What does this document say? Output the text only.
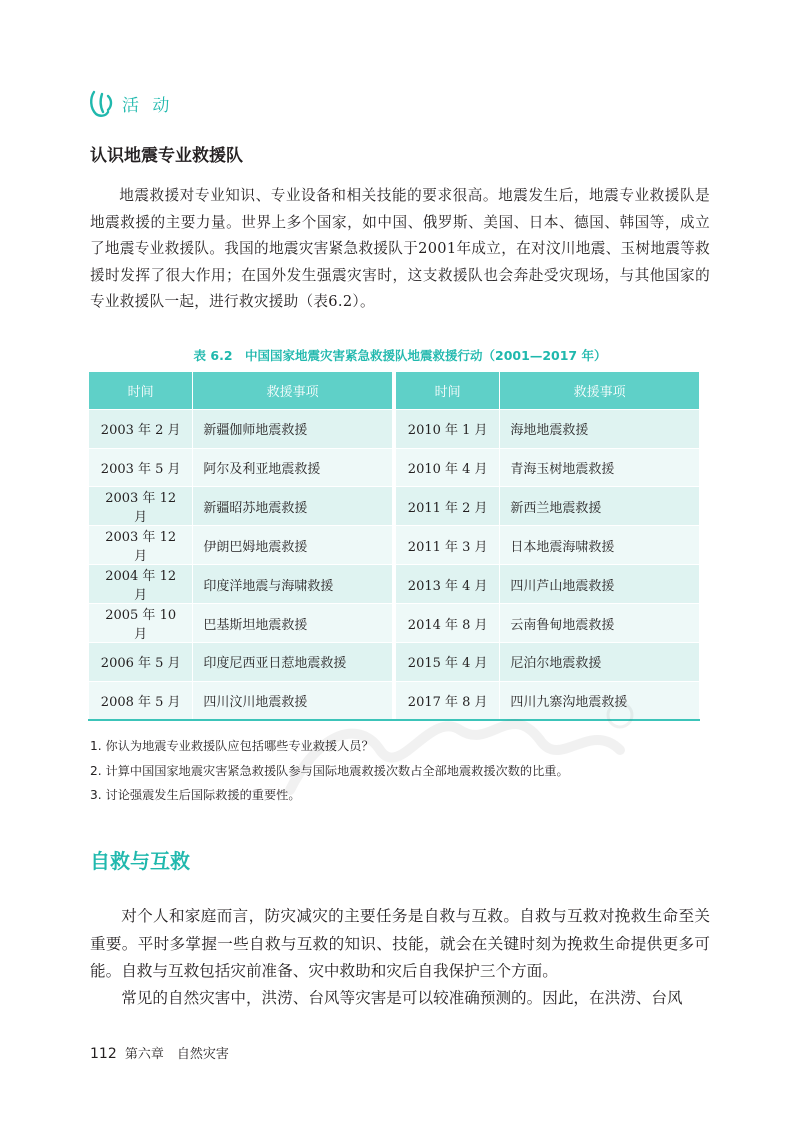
活 动
认识地震专业救援队

地震救援对专业知识、专业设备和相关技能的要求很高。地震发生后，地震专业救援队是地震救援的主要力量。世界上多个国家，如中国、俄罗斯、美国、日本、德国、韩国等，成立了地震专业救援队。我国的地震灾害紧急救援队于2001年成立，在对汶川地震、玉树地震等救援时发挥了很大作用；在国外发生强震灾害时，这支救援队也会奔赴受灾现场，与其他国家的专业救援队一起，进行救灾援助（表6.2）。

表 6.2　中国国家地震灾害紧急救援队地震救援行动（2001—2017 年）
时间	救援事项		时间	救援事项
2003 年 2 月	新疆伽师地震救援		2010 年 1 月	海地地震救援
2003 年 5 月	阿尔及利亚地震救援		2010 年 4 月	青海玉树地震救援
2003 年 12 月	新疆昭苏地震救援		2011 年 2 月	新西兰地震救援
2003 年 12 月	伊朗巴姆地震救援		2011 年 3 月	日本地震海啸救援
2004 年 12 月	印度洋地震与海啸救援		2013 年 4 月	四川芦山地震救援
2005 年 10 月	巴基斯坦地震救援		2014 年 8 月	云南鲁甸地震救援
2006 年 5 月	印度尼西亚日惹地震救援		2015 年 4 月	尼泊尔地震救援
2008 年 5 月	四川汶川地震救援		2017 年 8 月	四川九寨沟地震救援
1. 你认为地震专业救援队应包括哪些专业救援人员？
2. 计算中国国家地震灾害紧急救援队参与国际地震救援次数占全部地震救援次数的比重。
3. 讨论强震发生后国际救援的重要性。
自救与互救

对个人和家庭而言，防灾减灾的主要任务是自救与互救。自救与互救对挽救生命至关重要。平时多掌握一些自救与互救的知识、技能，就会在关键时刻为挽救生命提供更多可能。自救与互救包括灾前准备、灾中救助和灾后自我保护三个方面。

常见的自然灾害中，洪涝、台风等灾害是可以较准确预测的。因此，在洪涝、台风

112 第六章　自然灾害
